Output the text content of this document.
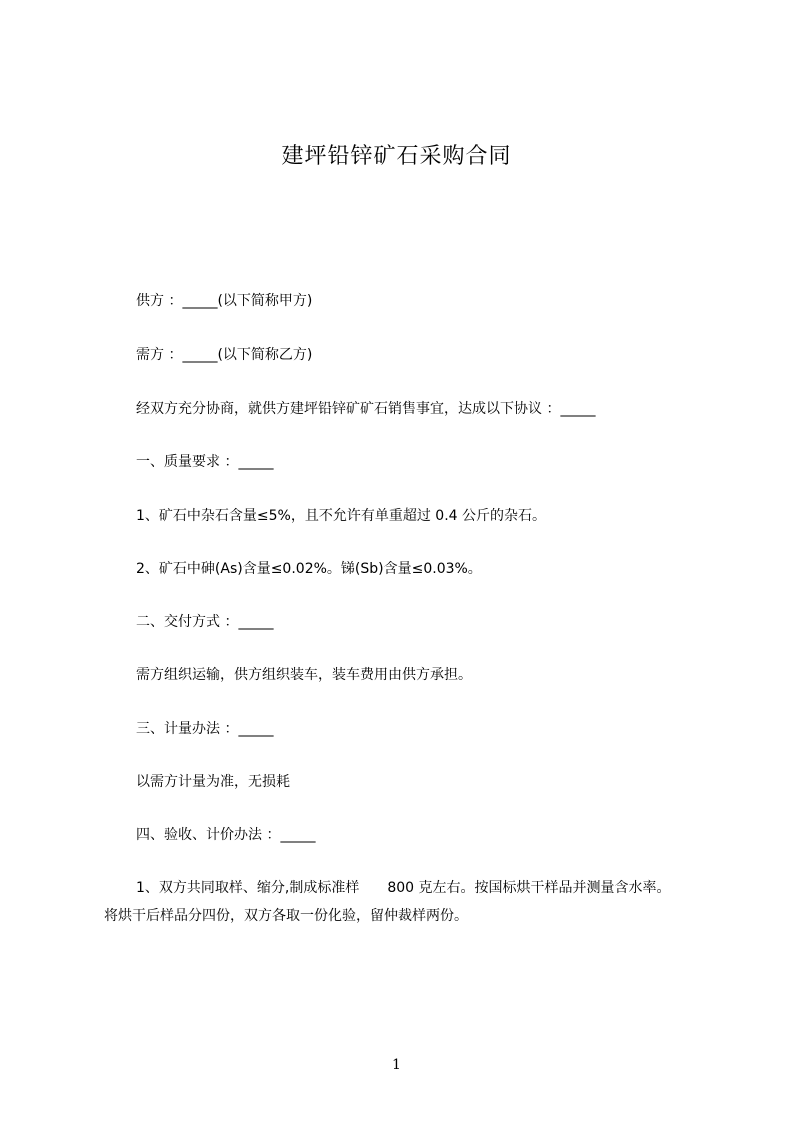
建坪铅锌矿石采购合同
供方 ：_____(以下简称甲方)
需方 ：_____(以下简称乙方)
经双方充分协商，就供方建坪铅锌矿矿石销售事宜，达成以下协议 ：_____
一、质量要求 ：_____
1、矿石中杂石含量≤5%，且不允许有单重超过 0.4 公斤的杂石。
2、矿石中砷(As)含量≤0.02%。锑(Sb)含量≤0.03%。
二、交付方式 ：_____
需方组织运输，供方组织装车，装车费用由供方承担。
三、计量办法 ：_____
以需方计量为准，无损耗
四、验收、计价办法 ：_____
1、双方共同取样、缩分,制成标准样　　800 克左右。按国标烘干样品并测量含水率。
将烘干后样品分四份，双方各取一份化验，留仲裁样两份。
1
